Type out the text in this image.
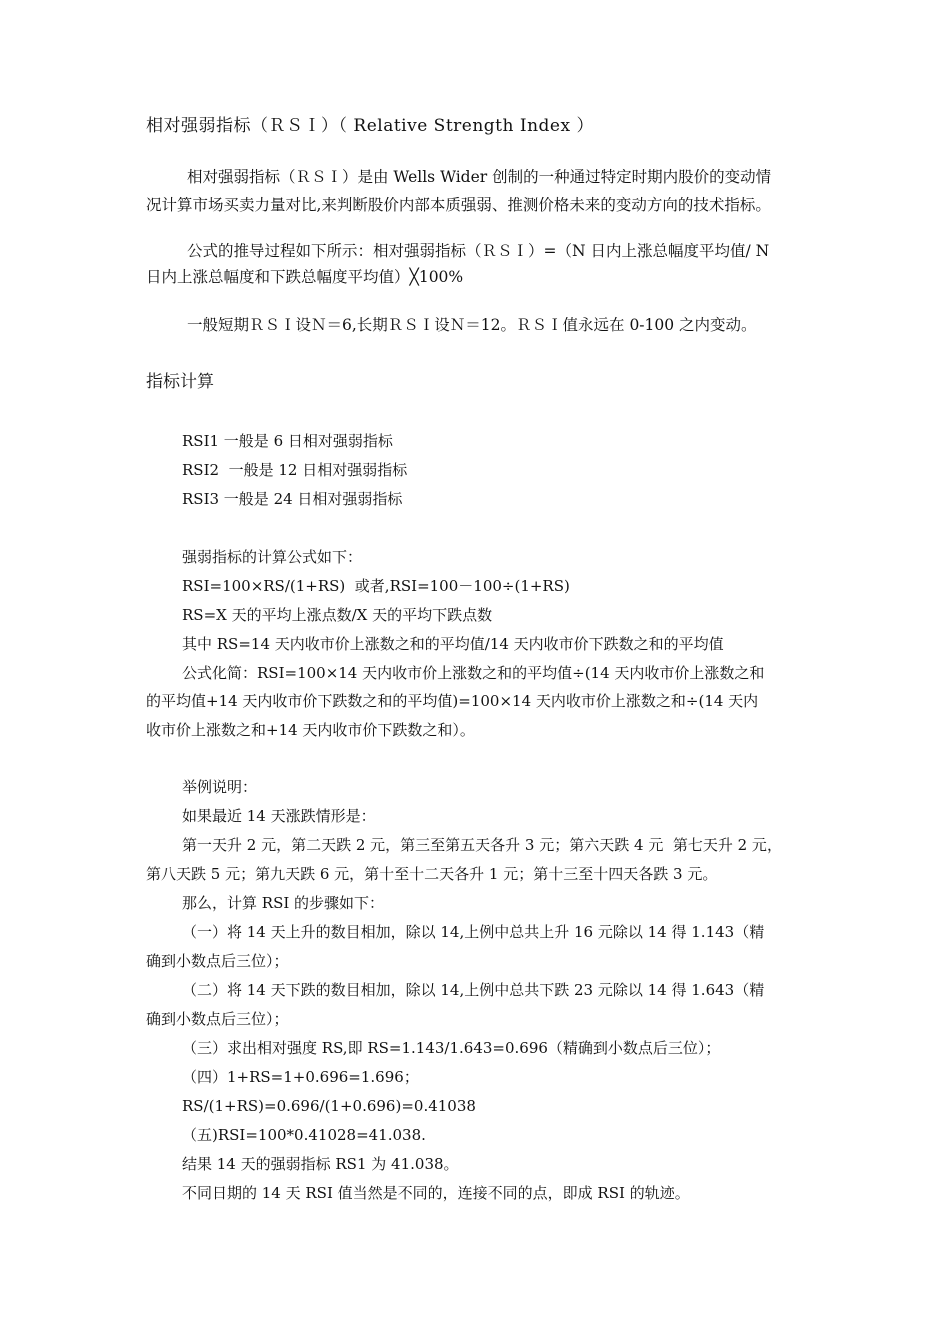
相对强弱指标（ＲＳＩ）（ Relative Strength Index ）
相对强弱指标（ＲＳＩ）是由 Wells Wider 创制的一种通过特定时期内股价的变动情
况计算市场买卖力量对比,来判断股价内部本质强弱、推测价格未来的变动方向的技术指标。
公式的推导过程如下所示：相对强弱指标（ＲＳＩ）=（N 日内上涨总幅度平均值/ N
日内上涨总幅度和下跌总幅度平均值）╳100%
一般短期ＲＳＩ设Ｎ＝6,长期ＲＳＩ设Ｎ＝12。ＲＳＩ值永远在 0-100 之内变动。
指标计算
RSI1 一般是 6 日相对强弱指标
RSI2  一般是 12 日相对强弱指标
RSI3 一般是 24 日相对强弱指标
强弱指标的计算公式如下：
RSI=100×RS/(1+RS)  或者,RSI=100－100÷(1+RS)
RS=X 天的平均上涨点数/X 天的平均下跌点数
其中 RS=14 天内收市价上涨数之和的平均值/14 天内收市价下跌数之和的平均值
公式化简：RSI=100×14 天内收市价上涨数之和的平均值÷(14 天内收市价上涨数之和
的平均值+14 天内收市价下跌数之和的平均值)=100×14 天内收市价上涨数之和÷(14 天内
收市价上涨数之和+14 天内收市价下跌数之和）。
举例说明：
如果最近 14 天涨跌情形是：
第一天升 2 元，第二天跌 2 元，第三至第五天各升 3 元；第六天跌 4 元  第七天升 2 元，
第八天跌 5 元；第九天跌 6 元，第十至十二天各升 1 元；第十三至十四天各跌 3 元。
那么，计算 RSI 的步骤如下：
（一）将 14 天上升的数目相加，除以 14,上例中总共上升 16 元除以 14 得 1.143（精
确到小数点后三位）；
（二）将 14 天下跌的数目相加，除以 14,上例中总共下跌 23 元除以 14 得 1.643（精
确到小数点后三位）；
（三）求出相对强度 RS,即 RS=1.143/1.643=0.696（精确到小数点后三位）；
（四）1+RS=1+0.696=1.696；
RS/(1+RS)=0.696/(1+0.696)=0.41038
（五)RSI=100*0.41028=41.038.
结果 14 天的强弱指标 RS1 为 41.038。
不同日期的 14 天 RSI 值当然是不同的，连接不同的点，即成 RSI 的轨迹。
